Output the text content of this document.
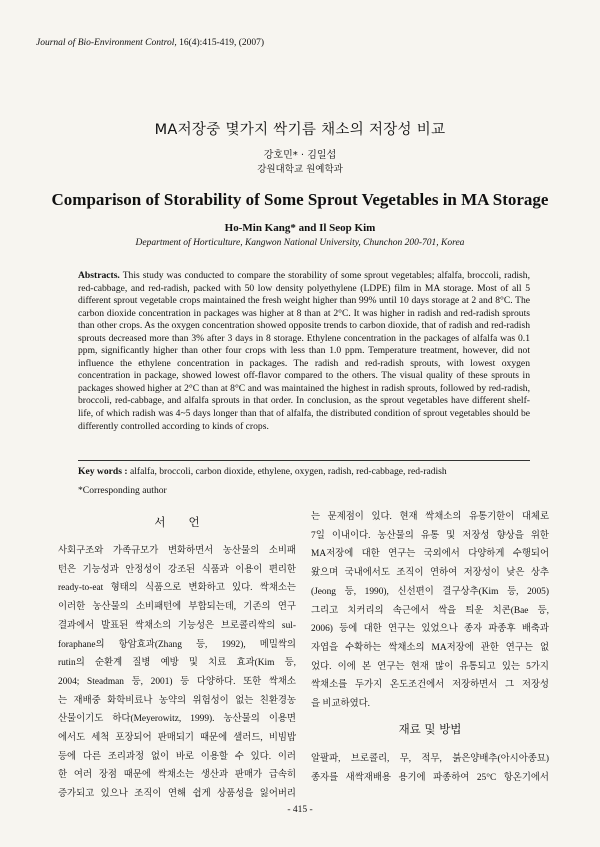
Journal of Bio-Environment Control, 16(4):415-419, (2007)
MA저장중 몇가지 싹기름 채소의 저장성 비교
강호민* · 김일섭
강원대학교 원예학과
Comparison of Storability of Some Sprout Vegetables in MA Storage
Ho-Min Kang* and Il Seop Kim
Department of Horticulture, Kangwon National University, Chunchon 200-701, Korea
Abstracts. This study was conducted to compare the storability of some sprout vegetables; alfalfa, broccoli, radish, red-cabbage, and red-radish, packed with 50 low density polyethylene (LDPE) film in MA storage. Most of all 5 different sprout vegetable crops maintained the fresh weight higher than 99% until 10 days storage at 2 and 8°C. The carbon dioxide concentration in packages was higher at 8 than at 2°C. It was higher in radish and red-radish sprouts than other crops. As the oxygen concentration showed opposite trends to carbon dioxide, that of radish and red-radish sprouts decreased more than 3% after 3 days in 8 storage. Ethylene concentration in the packages of alfalfa was 0.1 ppm, significantly higher than other four crops with less than 1.0 ppm. Temperature treatment, however, did not influence the ethylene concentration in packages. The radish and red-radish sprouts, with lowest oxygen concentration in package, showed lowest off-flavor compared to the others. The visual quality of these sprouts in packages showed higher at 2°C than at 8°C and was maintained the highest in radish sprouts, followed by red-radish, broccoli, red-cabbage, and alfalfa sprouts in that order. In conclusion, as the sprout vegetables have different shelf-life, of which radish was 4~5 days longer than that of alfalfa, the distributed condition of sprout vegetables should be differently controlled according to kinds of crops.
Key words : alfalfa, broccoli, carbon dioxide, ethylene, oxygen, radish, red-cabbage, red-radish
*Corresponding author
서　　언
사회구조와 가족규모가 변화하면서 농산물의 소비패
턴은 기능성과 안정성이 강조된 식품과 이용이 편리한
ready-to-eat 형태의 식품으로 변화하고 있다. 싹채소는
이러한 농산물의 소비패턴에 부합되는데, 기존의 연구
결과에서 발표된 싹채소의 기능성은 브로콜리싹의 sul-
foraphane의 항암효과(Zhang 등, 1992), 메밀싹의
rutin의 순환계 질병 예방 및 치료 효과(Kim 등,
2004; Steadman 등, 2001) 등 다양하다. 또한 싹채소
는 재배중 화학비료나 농약의 위험성이 없는 친환경농
산물이기도 하다(Meyerowitz, 1999). 농산물의 이용면
에서도 세척 포장되어 판매되기 때문에 샐러드, 비빔밥
등에 다른 조리과정 없이 바로 이용할 수 있다. 이러
한 여러 장점 때문에 싹채소는 생산과 판매가 급속히
증가되고 있으나 조직이 연해 쉽게 상품성을 잃어버리
는 문제점이 있다. 현재 싹채소의 유통기한이 대체로
7일 이내이다. 농산물의 유통 및 저장성 향상을 위한
MA저장에 대한 연구는 국외에서 다양하게 수행되어
왔으며 국내에서도 조직이 연하여 저장성이 낮은 상추
(Jeong 등, 1990), 신선편이 결구상추(Kim 등, 2005)
그리고 치커리의 속근에서 싹을 틔운 치콘(Bae 등,
2006) 등에 대한 연구는 있었으나 종자 파종후 배축과
자엽을 수확하는 싹채소의 MA저장에 관한 연구는 없
었다. 이에 본 연구는 현재 많이 유통되고 있는 5가지
싹채소를 두가지 온도조건에서 저장하면서 그 저장성
을 비교하였다.
재료 및 방법
알팔파, 브로콜리, 무, 적무, 붉은양배추(아시아종묘)
종자를 새싹재배용 용기에 파종하여 25°C 항온기에서
- 415 -
